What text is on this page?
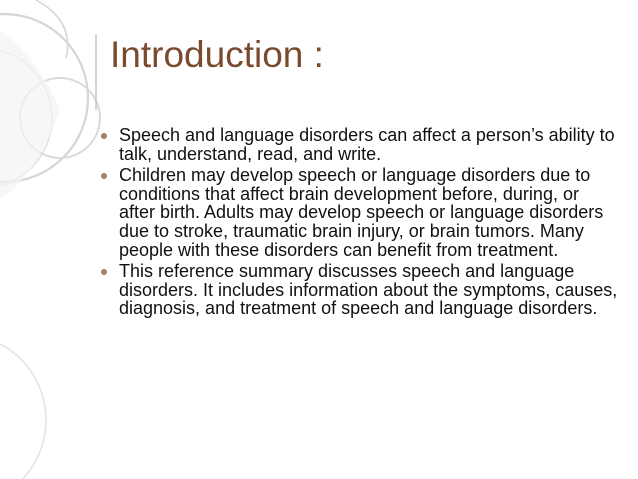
Introduction :
Speech and language disorders can affect a person’s ability to talk, understand, read, and write.
Children may develop speech or language disorders due to conditions that affect brain development before, during, or after birth. Adults may develop speech or language disorders due to stroke, traumatic brain injury, or brain tumors. Many people with these disorders can benefit from treatment.
This reference summary discusses speech and language disorders. It includes information about the symptoms, causes, diagnosis, and treatment of speech and language disorders.
